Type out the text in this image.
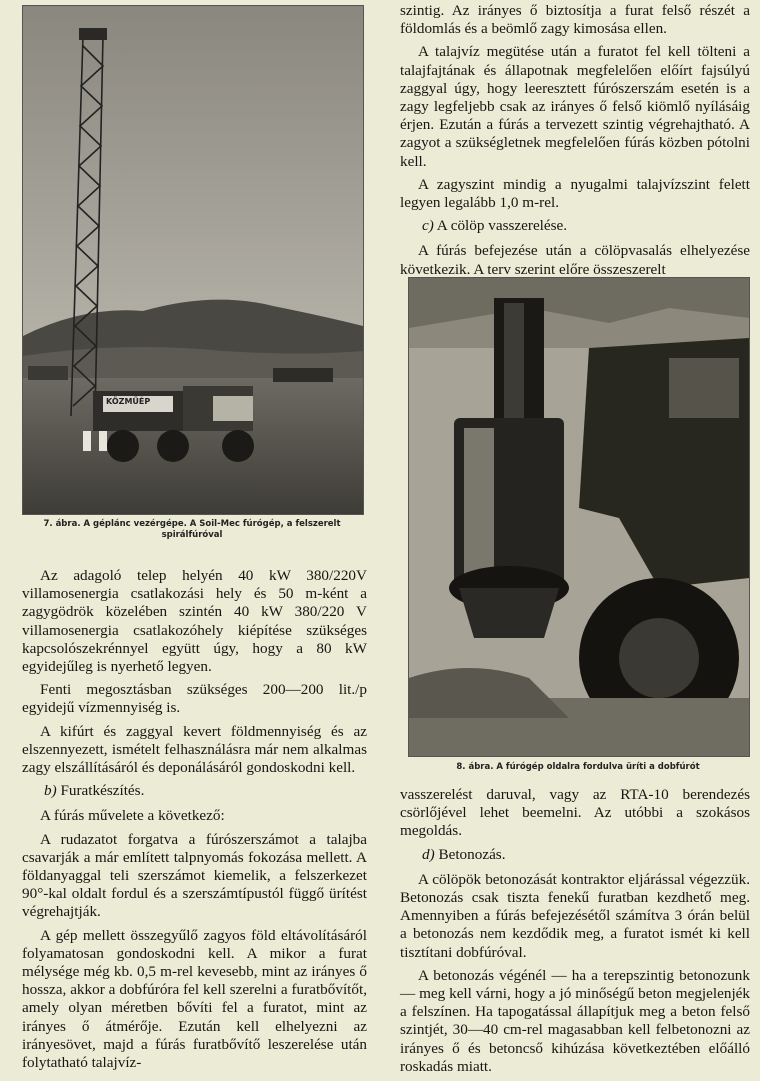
KÖZMŰÉP
7. ábra. A géplánc vezérgépe. A Soil-Mec fúrógép, a felszerelt
spirálfúróval
8. ábra. A fúrógép oldalra fordulva üríti a dobfúrót

szintig. Az irányes ő biztosítja a furat felső részét a földomlás és a beömlő zagy kimosása ellen.

A talajvíz megütése után a furatot fel kell tölteni a talajfajtának és állapotnak megfelelően előírt fajsúlyú zaggyal úgy, hogy leeresztett fúrószerszám esetén is a zagy legfeljebb csak az irányes ő felső kiömlő nyílásáig érjen. Ezután a fúrás a tervezett szintig végrehajtható. A zagyot a szükségletnek megfelelően fúrás közben pótolni kell.

A zagyszint mindig a nyugalmi talajvízszint felett legyen legalább 1,0 m-rel.

c) A cölöp vasszerelése.

A fúrás befejezése után a cölöpvasalás elhelyezése következik. A terv szerint előre összeszerelt

vasszerelést daruval, vagy az RTA-10 berendezés csörlőjével lehet beemelni. Az utóbbi a szokásos megoldás.

d) Betonozás.

A cölöpök betonozását kontraktor eljárással végezzük. Betonozás csak tiszta fenekű furatban kezdhető meg. Amennyiben a fúrás befejezésétől számítva 3 órán belül a betonozás nem kezdődik meg, a furatot ismét ki kell tisztítani dobfúróval.

A betonozás végénél — ha a terepszintig betonozunk — meg kell várni, hogy a jó minőségű beton megjelenjék a felszínen. Ha tapogatással állapítjuk meg a beton felső szintjét, 30—40 cm-rel magasabban kell felbetonozni az irányes ő és betoncső kihúzása következtében előálló roskadás miatt.

Az adagoló telep helyén 40 kW 380/220V villamosenergia csatlakozási hely és 50 m-ként a zagygödrök közelében szintén 40 kW 380/220 V villamosenergia csatlakozóhely kiépítése szükséges kapcsolószekrénnyel együtt úgy, hogy a 80 kW egyidejűleg is nyerhető legyen.

Fenti megosztásban szükséges 200—200 lit./p egyidejű vízmennyiség is.

A kifúrt és zaggyal kevert földmennyiség és az elszennyezett, ismételt felhasználásra már nem alkalmas zagy elszállításáról és deponálásáról gondoskodni kell.

b) Furatkészítés.

A fúrás művelete a következő:

A rudazatot forgatva a fúrószerszámot a talajba csavarják a már említett talpnyomás fokozása mellett. A földanyaggal teli szerszámot kiemelik, a felszerkezet 90°-kal oldalt fordul és a szerszámtípustól függő ürítést végrehajtják.

A gép mellett összegyűlő zagyos föld eltávolításáról folyamatosan gondoskodni kell. A mikor a furat mélysége még kb. 0,5 m-rel kevesebb, mint az irányes ő hossza, akkor a dobfúróra fel kell szerelni a furatbővítőt, amely olyan méretben bővíti fel a furatot, mint az irányes ő átmérője. Ezután kell elhelyezni az irányesövet, majd a fúrás furatbővítő leszerelése után folytatható talajvíz-
